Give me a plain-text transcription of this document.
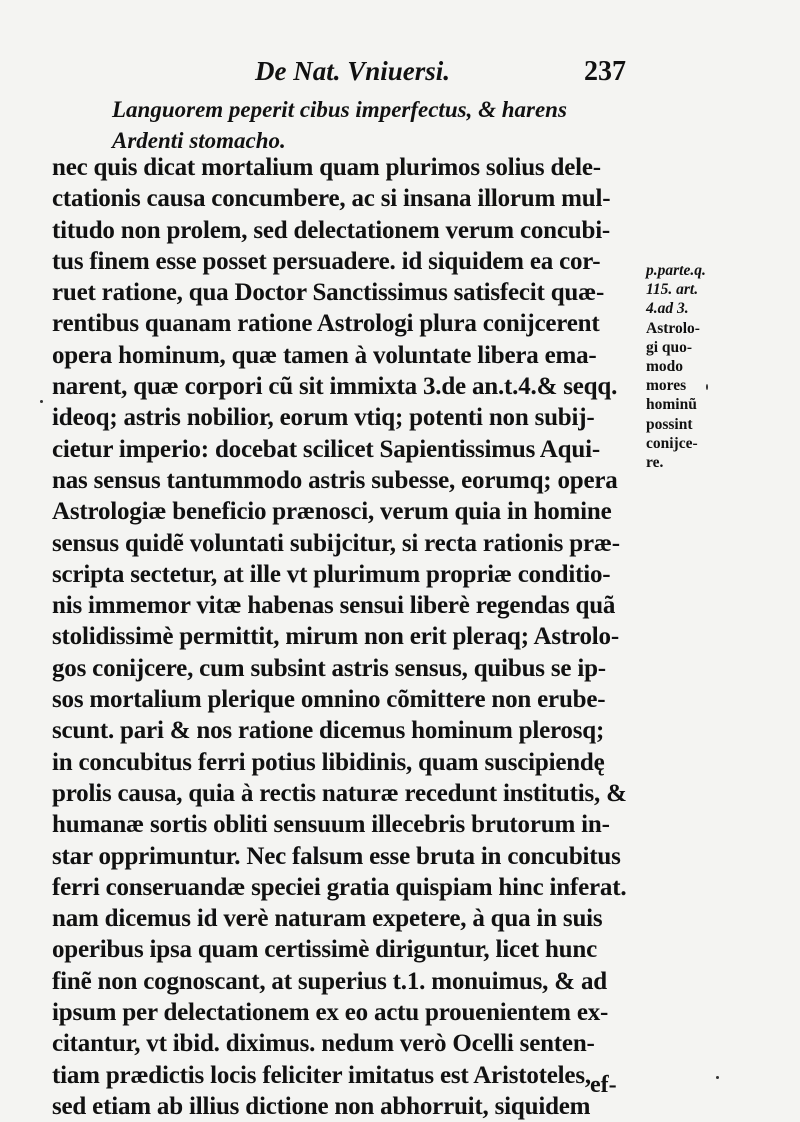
De Nat. Vniuersi.	237
Languorem peperit cibus imperfectus, & harens
Ardenti stomacho.
nec quis dicat mortalium quam plurimos solius dele-
ctationis causa concumbere, ac si insana illorum mul-
titudo non prolem, sed delectationem verum concubi-
tus finem esse posset persuadere. id siquidem ea cor-
ruet ratione, qua Doctor Sanctissimus satisfecit quæ-
rentibus quanam ratione Astrologi plura conijcerent
opera hominum, quæ tamen à voluntate libera ema-
narent, quæ corpori cũ sit immixta 3.de an.t.4.& seqq.
ideoq; astris nobilior, eorum vtiq; potenti non subij-
cietur imperio: docebat scilicet Sapientissimus Aqui-
nas sensus tantummodo astris subesse, eorumq; opera
Astrologiæ beneficio prænosci, verum quia in homine
sensus quidẽ voluntati subijcitur, si recta rationis præ-
scripta sectetur, at ille vt plurimum propriæ conditio-
nis immemor vitæ habenas sensui liberè regendas quã
stolidissimè permittit, mirum non erit pleraq; Astrolo-
gos conijcere, cum subsint astris sensus, quibus se ip-
sos mortalium plerique omnino cõmittere non erube-
scunt. pari & nos ratione dicemus hominum plerosq;
in concubitus ferri potius libidinis, quam suscipiendę
prolis causa, quia à rectis naturæ recedunt institutis, &
humanæ sortis obliti sensuum illecebris brutorum in-
star opprimuntur. Nec falsum esse bruta in concubitus
ferri conseruandæ speciei gratia quispiam hinc inferat.
nam dicemus id verè naturam expetere, à qua in suis
operibus ipsa quam certissimè diriguntur, licet hunc
finẽ non cognoscant, at superius t.1. monuimus, & ad
ipsum per delectationem ex eo actu prouenientem ex-
citantur, vt ibid. diximus. nedum verò Ocelli senten-
tiam prædictis locis feliciter imitatus est Aristoteles,
sed etiam ab illius dictione non abhorruit, siquidem
p.parte.q.
115. art.
4.ad 3.
Astrolo-
gi quo-
modo
mores
hominũ
possint
conijce-
re.
ef-
